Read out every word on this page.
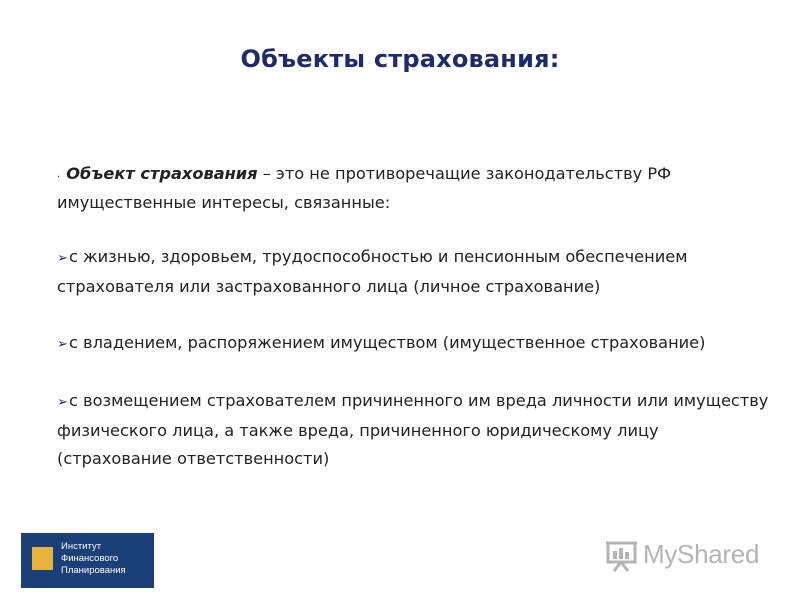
Объекты страхования:

. Объект страхования – это не противоречащие законодательству РФ имущественные интересы, связанные:

➢с жизнью, здоровьем, трудоспособностью и пенсионным обеспечением страхователя или застрахованного лица (личное страхование)

➢с владением, распоряжением имуществом (имущественное страхование)

➢с возмещением страхователем причиненного им вреда личности или имуществу физического лица, а также вреда, причиненного юридическому лицу (страхование ответственности)

Институт
Финансового
Планирования
MyShared
